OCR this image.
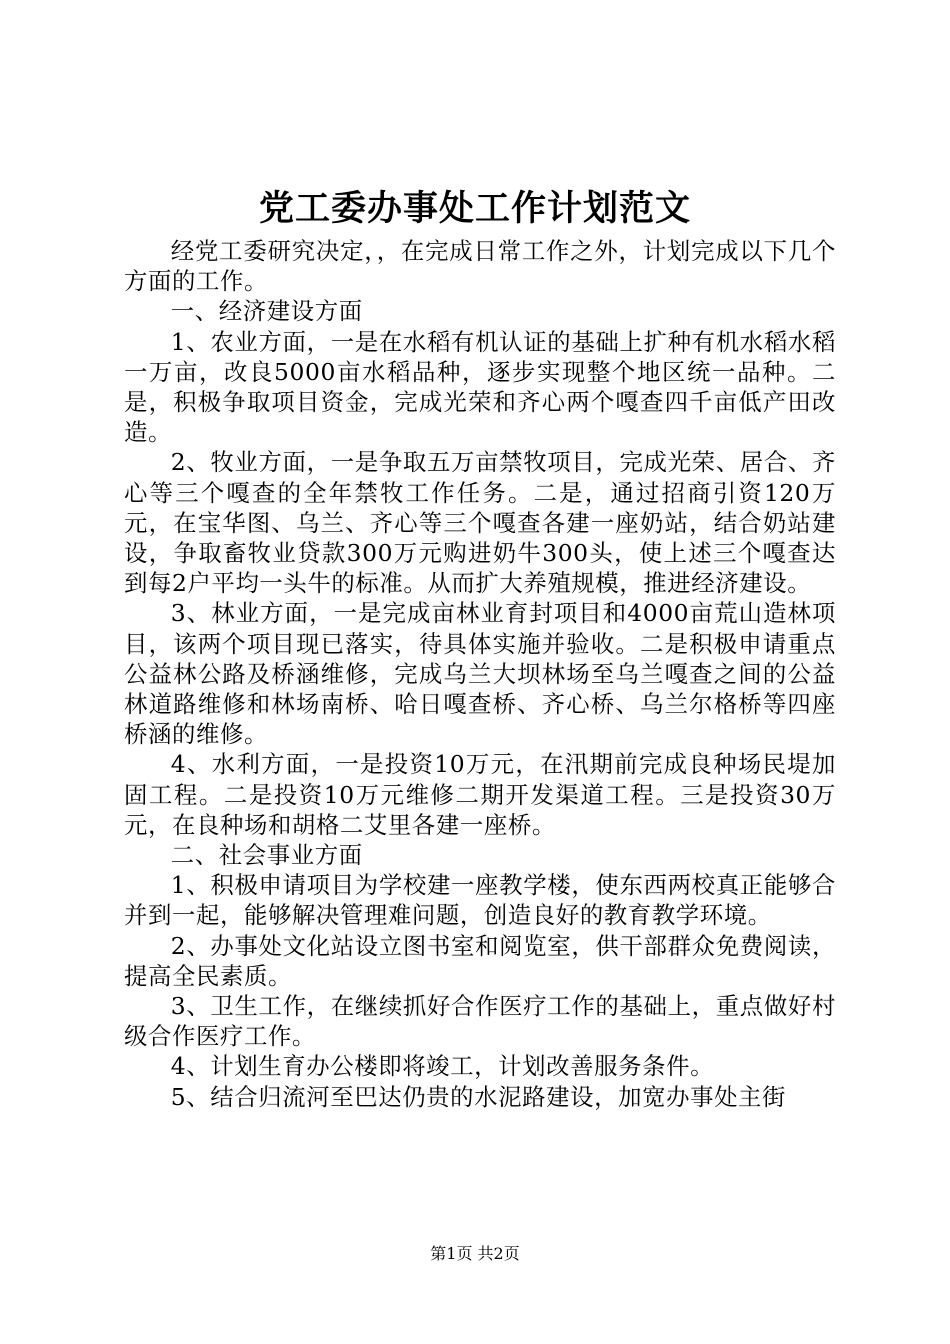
党工委办事处工作计划范文

经党工委研究决定，，在完成日常工作之外，计划完成以下几个方面的工作。

一、经济建设方面

1、农业方面，一是在水稻有机认证的基础上扩种有机水稻水稻一万亩，改良5000亩水稻品种，逐步实现整个地区统一品种。二是，积极争取项目资金，完成光荣和齐心两个嘎查四千亩低产田改造。

2、牧业方面，一是争取五万亩禁牧项目，完成光荣、居合、齐心等三个嘎查的全年禁牧工作任务。二是，通过招商引资120万元，在宝华图、乌兰、齐心等三个嘎查各建一座奶站，结合奶站建设，争取畜牧业贷款300万元购进奶牛300头，使上述三个嘎查达到每2户平均一头牛的标准。从而扩大养殖规模，推进经济建设。

3、林业方面，一是完成亩林业育封项目和4000亩荒山造林项目，该两个项目现已落实，待具体实施并验收。二是积极申请重点公益林公路及桥涵维修，完成乌兰大坝林场至乌兰嘎查之间的公益林道路维修和林场南桥、哈日嘎查桥、齐心桥、乌兰尔格桥等四座桥涵的维修。

4、水利方面，一是投资10万元，在汛期前完成良种场民堤加固工程。二是投资10万元维修二期开发渠道工程。三是投资30万元，在良种场和胡格二艾里各建一座桥。

二、社会事业方面

1、积极申请项目为学校建一座教学楼，使东西两校真正能够合并到一起，能够解决管理难问题，创造良好的教育教学环境。

2、办事处文化站设立图书室和阅览室，供干部群众免费阅读，提高全民素质。

3、卫生工作，在继续抓好合作医疗工作的基础上，重点做好村级合作医疗工作。

4、计划生育办公楼即将竣工，计划改善服务条件。

5、结合归流河至巴达仍贵的水泥路建设，加宽办事处主街

第1页 共2页
